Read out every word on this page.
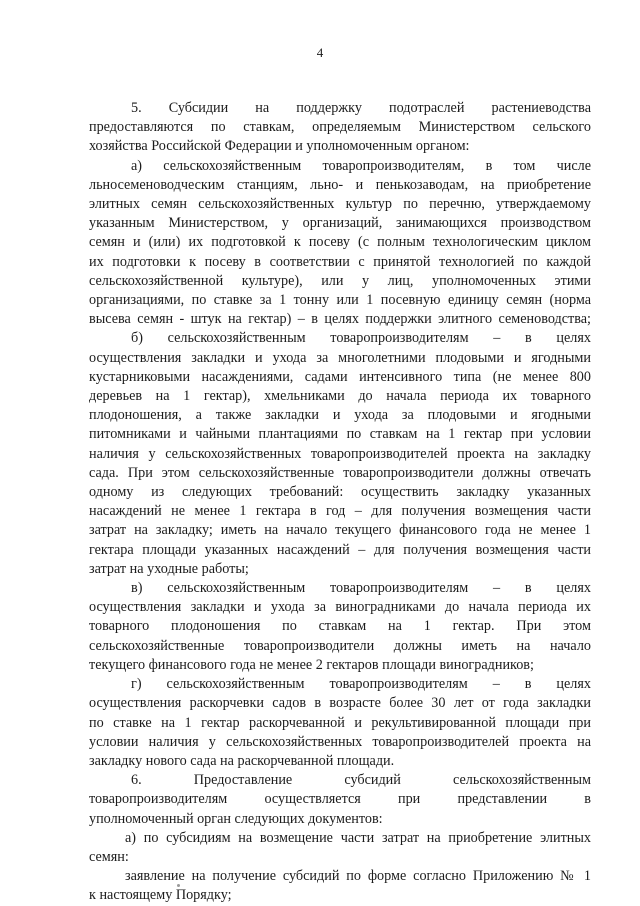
4

5. Субсидии на поддержку подотраслей растениеводства

предоставляются по ставкам, определяемым Министерством сельского

хозяйства Российской Федерации и уполномоченным органом:

а) сельскохозяйственным товаропроизводителям, в том числе

льносеменоводческим станциям, льно- и пенькозаводам, на приобретение

элитных семян сельскохозяйственных культур по перечню, утверждаемому

указанным Министерством, у организаций, занимающихся производством

семян и (или) их подготовкой к посеву (с полным технологическим циклом

их подготовки к посеву в соответствии с принятой технологией по каждой

сельскохозяйственной культуре), или у лиц, уполномоченных этими

организациями, по ставке за 1 тонну или 1 посевную единицу семян (норма

высева семян - штук на гектар) – в целях поддержки элитного семеноводства;

б) сельскохозяйственным товаропроизводителям – в целях

осуществления закладки и ухода за многолетними плодовыми и ягодными

кустарниковыми насаждениями, садами интенсивного типа (не менее 800

деревьев на 1 гектар), хмельниками до начала периода их товарного

плодоношения, а также закладки и ухода за плодовыми и ягодными

питомниками и чайными плантациями по ставкам на 1 гектар при условии

наличия у сельскохозяйственных товаропроизводителей проекта на закладку

сада. При этом сельскохозяйственные товаропроизводители должны отвечать

одному из следующих требований: осуществить закладку указанных

насаждений не менее 1 гектара в год – для получения возмещения части

затрат на закладку; иметь на начало текущего финансового года не менее 1

гектара площади указанных насаждений – для получения возмещения части

затрат на уходные работы;

в) сельскохозяйственным товаропроизводителям – в целях

осуществления закладки и ухода за виноградниками до начала периода их

товарного плодоношения по ставкам на 1 гектар. При этом

сельскохозяйственные товаропроизводители должны иметь на начало

текущего финансового года не менее 2 гектаров площади виноградников;

г) сельскохозяйственным товаропроизводителям – в целях

осуществления раскорчевки садов в возрасте более 30 лет от года закладки

по ставке на 1 гектар раскорчеванной и рекультивированной площади при

условии наличия у сельскохозяйственных товаропроизводителей проекта на

закладку нового сада на раскорчеванной площади.

6. Предоставление субсидий сельскохозяйственным

товаропроизводителям осуществляется при представлении в

уполномоченный орган следующих документов:

а) по субсидиям на возмещение части затрат на приобретение элитных

семян:

заявление на получение субсидий по форме согласно Приложению № 1

к настоящему Порядку;
